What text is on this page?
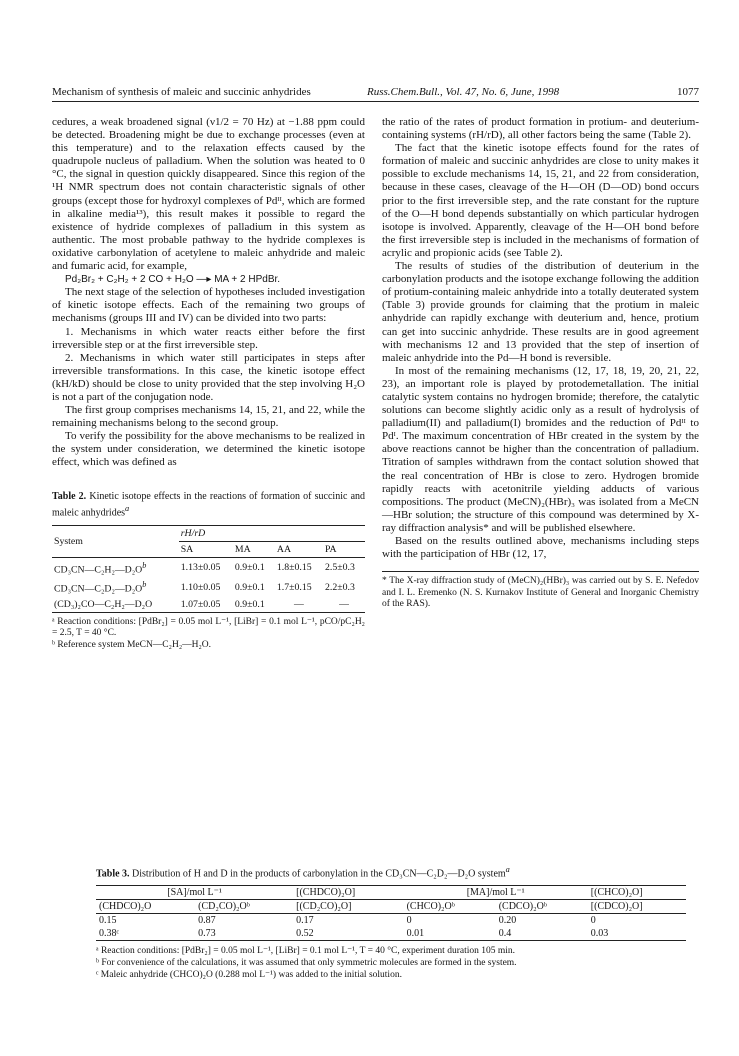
Mechanism of synthesis of maleic and succinic anhydrides	Russ.Chem.Bull., Vol. 47, No. 6, June, 1998	1077

cedures, a weak broadened signal (ν1/2 = 70 Hz) at −1.88 ppm could be detected. Broadening might be due to exchange processes (even at this temperature) and to the relaxation effects caused by the quadrupole nucleus of palladium. When the solution was heated to 0 °C, the signal in question quickly disappeared. Since this region of the ¹H NMR spectrum does not contain characteristic signals of other groups (except those for hydroxyl complexes of Pdᴵᴵ, which are formed in alkaline media¹³), this result makes it possible to regard the existence of hydride complexes of palladium in this system as authentic. The most probable pathway to the hydride complexes is oxidative carbonylation of acetylene to maleic anhydride and maleic and fumaric acid, for example,

Pd₂Br₂ + C₂H₂ + 2 CO + H₂O —▸ MA + 2 HPdBr.

The next stage of the selection of hypotheses included investigation of kinetic isotope effects. Each of the remaining two groups of mechanisms (groups III and IV) can be divided into two parts:

1. Mechanisms in which water reacts either before the first irreversible step or at the first irreversible step.

2. Mechanisms in which water still participates in steps after irreversible transformations. In this case, the kinetic isotope effect (kH/kD) should be close to unity provided that the step involving H₂O is not a part of the conjugation node.

The first group comprises mechanisms 14, 15, 21, and 22, while the remaining mechanisms belong to the second group.

To verify the possibility for the above mechanisms to be realized in the system under consideration, we determined the kinetic isotope effect, which was defined as

Table 2. Kinetic isotope effects in the reactions of formation of succinic and maleic anhydrides$^a$
System	rH/rD			
	SA	MA	AA	PA
$CD_3CN—C_2H_2—D_2O^b$	1.13±0.05	0.9±0.1	1.8±0.15	2.5±0.3
$CD_3CN—C_2D_2—D_2O^b$	1.10±0.05	0.9±0.1	1.7±0.15	2.2±0.3
(CD₃)₂CO—C₂H₂—D₂O	1.07±0.05	0.9±0.1	—	—
ᵃ Reaction conditions: [PdBr₂] = 0.05 mol L⁻¹, [LiBr] = 0.1 mol L⁻¹, pCO/pC₂H₂ = 2.5, T = 40 °C.
ᵇ Reference system MeCN—C₂H₂—H₂O.

the ratio of the rates of product formation in protium- and deuterium-containing systems (rH/rD), all other factors being the same (Table 2).

The fact that the kinetic isotope effects found for the rates of formation of maleic and succinic anhydrides are close to unity makes it possible to exclude mechanisms 14, 15, 21, and 22 from consideration, because in these cases, cleavage of the H—OH (D—OD) bond occurs prior to the first irreversible step, and the rate constant for the rupture of the O—H bond depends substantially on which particular hydrogen isotope is involved. Apparently, cleavage of the H—OH bond before the first irreversible step is included in the mechanisms of formation of acrylic and propionic acids (see Table 2).

The results of studies of the distribution of deuterium in the carbonylation products and the isotope exchange following the addition of protium-containing maleic anhydride into a totally deuterated system (Table 3) provide grounds for claiming that the protium in maleic anhydride can rapidly exchange with deuterium and, hence, protium can get into succinic anhydride. These results are in good agreement with mechanisms 12 and 13 provided that the step of insertion of maleic anhydride into the Pd—H bond is reversible.

In most of the remaining mechanisms (12, 17, 18, 19, 20, 21, 22, 23), an important role is played by protodemetallation. The initial catalytic system contains no hydrogen bromide; therefore, the catalytic solutions can become slightly acidic only as a result of hydrolysis of palladium(II) and palladium(I) bromides and the reduction of Pdᴵᴵ to Pdᴵ. The maximum concentration of HBr created in the system by the above reactions cannot be higher than the concentration of palladium. Titration of samples withdrawn from the contact solution showed that the real concentration of HBr is close to zero. Hydrogen bromide rapidly reacts with acetonitrile yielding adducts of various compositions. The product (MeCN)₂(HBr)₃ was isolated from a MeCN—HBr solution; the structure of this compound was determined by X-ray diffraction analysis* and will be published elsewhere.

Based on the results outlined above, mechanisms including steps with the participation of HBr (12, 17,

* The X-ray diffraction study of (MeCN)₂(HBr)₃ was carried out by S. E. Nefedov and I. L. Eremenko (N. S. Kurnakov Institute of General and Inorganic Chemistry of the RAS).
Table 3. Distribution of H and D in the products of carbonylation in the CD₃CN—C₂D₂—D₂O system$^a$
[SA]/mol L⁻¹		[(CHDCO)₂O]	[MA]/mol L⁻¹		[(CHCO)₂O]
(CHDCO)₂O	(CD₂CO)₂Oᵇ	[(CD₂CO)₂O]	(CHCO)₂Oᵇ	(CDCO)₂Oᵇ	[(CDCO)₂O]
0.15	0.87	0.17	0	0.20	0
0.38ᶜ	0.73	0.52	0.01	0.4	0.03
ᵃ Reaction conditions: [PdBr₂] = 0.05 mol L⁻¹, [LiBr] = 0.1 mol L⁻¹, T = 40 °C, experiment duration 105 min.
ᵇ For convenience of the calculations, it was assumed that only symmetric molecules are formed in the system.
ᶜ Maleic anhydride (CHCO)₂O (0.288 mol L⁻¹) was added to the initial solution.
